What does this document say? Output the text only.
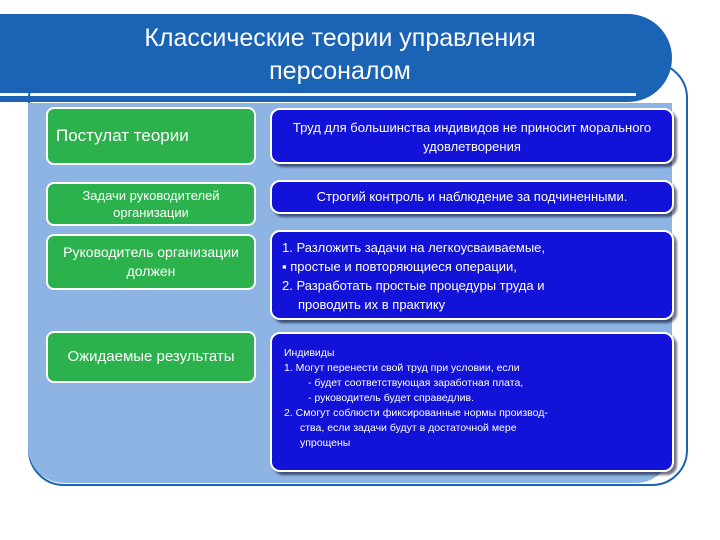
Классические теории управления
персоналом
Постулат теории
Задачи руководителей организации
Руководитель организации должен
Ожидаемые результаты
Труд для большинства индивидов не приносит морального удовлетворения
Строгий контроль и наблюдение за подчиненными.
1. Разложить задачи на легкоусваиваемые,
▪ простые и повторяющиеся операции,
2. Разработать простые процедуры труда и
проводить их в практику
Индивиды
1. Могут перенести свой труд при условии, если
- будет соответствующая заработная плата,
- руководитель будет справедлив.
2. Смогут соблюсти фиксированные нормы производ-
ства, если задачи будут в достаточной мере
упрощены
